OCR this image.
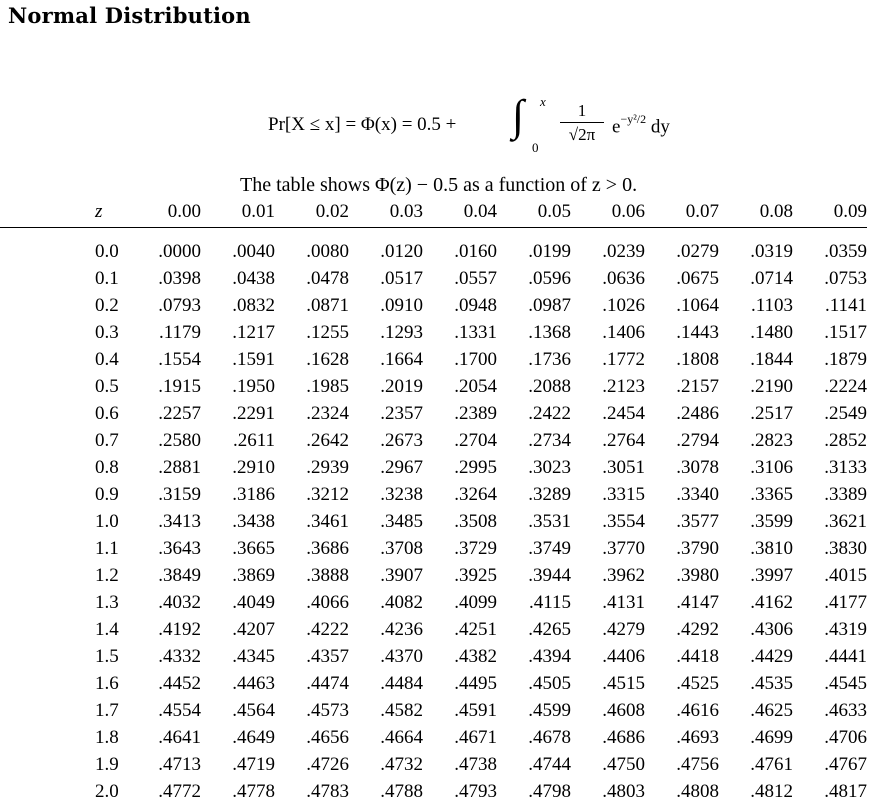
Normal Distribution
Pr[X ≤ x] = Φ(x) = 0.5 + ∫ x
0
1
√2π $e^{-y^2/2}$ dy
The table shows Φ(z) − 0.5 as a function of z > 0.
z	0.00	0.01	0.02	0.03	0.04	0.05	0.06	0.07	0.08	0.09
0.0	.0000	.0040	.0080	.0120	.0160	.0199	.0239	.0279	.0319	.0359
0.1	.0398	.0438	.0478	.0517	.0557	.0596	.0636	.0675	.0714	.0753
0.2	.0793	.0832	.0871	.0910	.0948	.0987	.1026	.1064	.1103	.1141
0.3	.1179	.1217	.1255	.1293	.1331	.1368	.1406	.1443	.1480	.1517
0.4	.1554	.1591	.1628	.1664	.1700	.1736	.1772	.1808	.1844	.1879
0.5	.1915	.1950	.1985	.2019	.2054	.2088	.2123	.2157	.2190	.2224
0.6	.2257	.2291	.2324	.2357	.2389	.2422	.2454	.2486	.2517	.2549
0.7	.2580	.2611	.2642	.2673	.2704	.2734	.2764	.2794	.2823	.2852
0.8	.2881	.2910	.2939	.2967	.2995	.3023	.3051	.3078	.3106	.3133
0.9	.3159	.3186	.3212	.3238	.3264	.3289	.3315	.3340	.3365	.3389
1.0	.3413	.3438	.3461	.3485	.3508	.3531	.3554	.3577	.3599	.3621
1.1	.3643	.3665	.3686	.3708	.3729	.3749	.3770	.3790	.3810	.3830
1.2	.3849	.3869	.3888	.3907	.3925	.3944	.3962	.3980	.3997	.4015
1.3	.4032	.4049	.4066	.4082	.4099	.4115	.4131	.4147	.4162	.4177
1.4	.4192	.4207	.4222	.4236	.4251	.4265	.4279	.4292	.4306	.4319
1.5	.4332	.4345	.4357	.4370	.4382	.4394	.4406	.4418	.4429	.4441
1.6	.4452	.4463	.4474	.4484	.4495	.4505	.4515	.4525	.4535	.4545
1.7	.4554	.4564	.4573	.4582	.4591	.4599	.4608	.4616	.4625	.4633
1.8	.4641	.4649	.4656	.4664	.4671	.4678	.4686	.4693	.4699	.4706
1.9	.4713	.4719	.4726	.4732	.4738	.4744	.4750	.4756	.4761	.4767
2.0	.4772	.4778	.4783	.4788	.4793	.4798	.4803	.4808	.4812	.4817
